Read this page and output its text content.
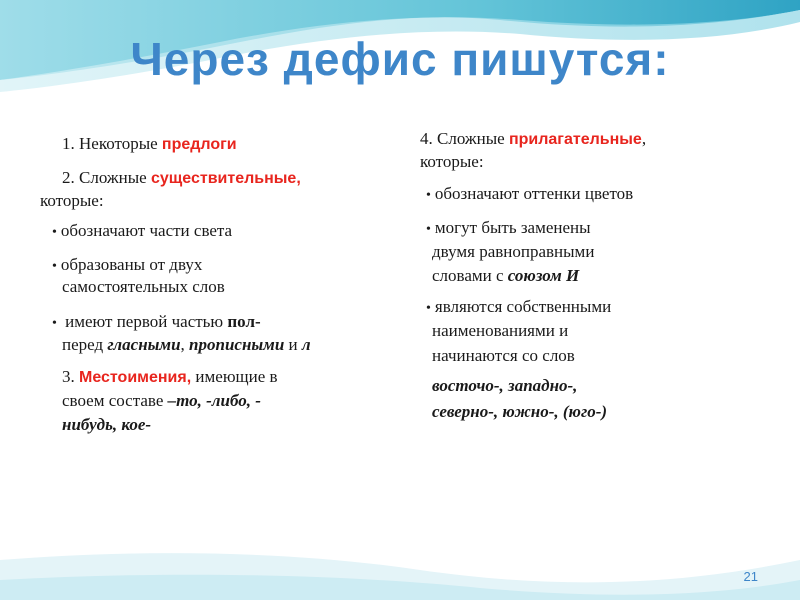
Через дефис пишутся:
1. Некоторые предлоги
2. Сложные существительные,
которые:
• обозначают части света
• образованы от двух
самостоятельных слов
• имеют первой частью пол-
перед гласными, прописными и л
3. Местоимения, имеющие в
своем составе –то, -либо, -
нибудь, кое-
4. Сложные прилагательные,
которые:
• обозначают оттенки цветов
• могут быть заменены
двумя равноправными
словами с союзом И
• являются собственными
наименованиями и
начинаются со слов
восточо-, западно-,
северно-, южно-, (юго-)
21
